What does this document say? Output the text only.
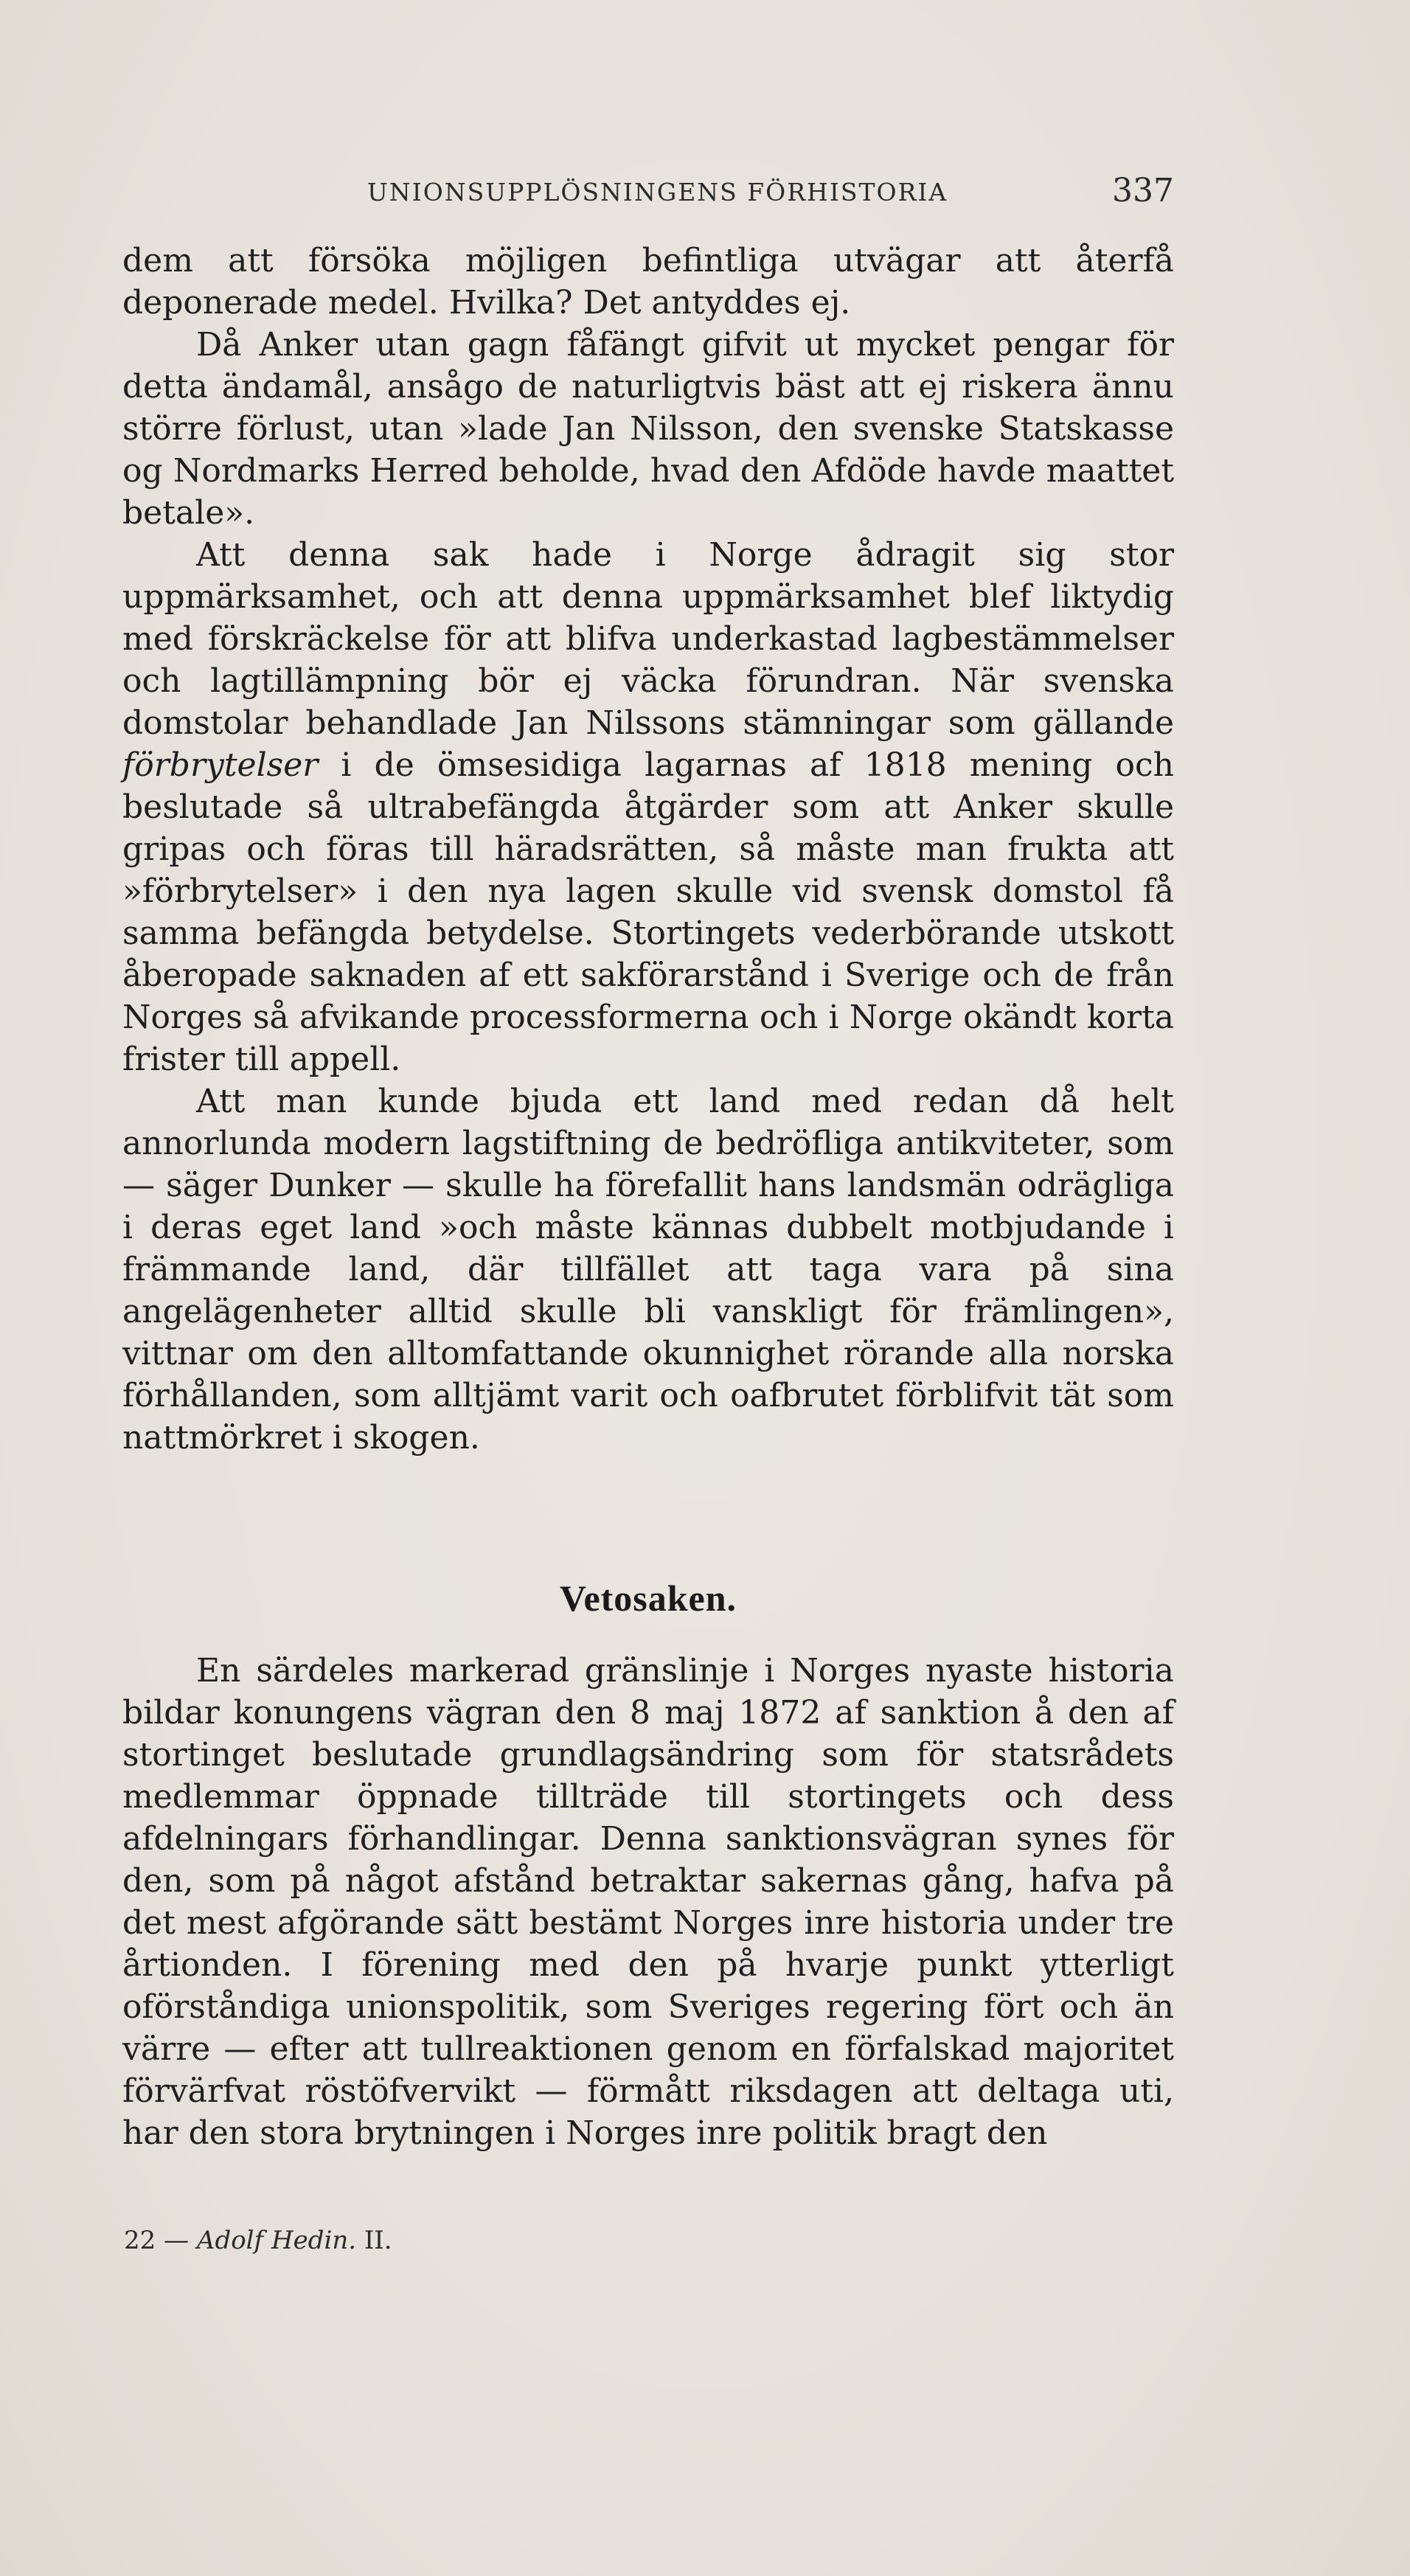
UNIONSUPPLÖSNINGENS FÖRHISTORIA	337

dem att försöka möjligen befintliga utvägar att återfå deponerade medel. Hvilka? Det antyddes ej.

Då Anker utan gagn fåfängt gifvit ut mycket pengar för detta ändamål, ansågo de naturligtvis bäst att ej riskera ännu större förlust, utan »lade Jan Nilsson, den svenske Statskasse og Nordmarks Herred beholde, hvad den Afdöde havde maattet betale».

Att denna sak hade i Norge ådragit sig stor uppmärksamhet, och att denna uppmärksamhet blef liktydig med förskräckelse för att blifva underkastad lagbestämmelser och lagtillämpning bör ej väcka förundran. När svenska domstolar behandlade Jan Nilssons stämningar som gällande förbrytelser i de ömsesidiga lagarnas af 1818 mening och beslutade så ultrabefängda åtgärder som att Anker skulle gripas och föras till häradsrätten, så måste man frukta att »förbrytelser» i den nya lagen skulle vid svensk domstol få samma befängda betydelse. Stortingets vederbörande utskott åberopade saknaden af ett sakförarstånd i Sverige och de från Norges så afvikande processformerna och i Norge okändt korta frister till appell.

Att man kunde bjuda ett land med redan då helt annorlunda modern lagstiftning de bedröfliga antikviteter, som — säger Dunker — skulle ha förefallit hans landsmän odrägliga i deras eget land »och måste kännas dubbelt motbjudande i främmande land, där tillfället att taga vara på sina angelägenheter alltid skulle bli vanskligt för främlingen», vittnar om den alltomfattande okunnighet rörande alla norska förhållanden, som alltjämt varit och oafbrutet förblifvit tät som nattmörkret i skogen.

Vetosaken.

En särdeles markerad gränslinje i Norges nyaste historia bildar konungens vägran den 8 maj 1872 af sanktion å den af stortinget beslutade grundlagsändring som för statsrådets medlemmar öppnade tillträde till stortingets och dess afdelningars förhandlingar. Denna sanktionsvägran synes för den, som på något afstånd betraktar sakernas gång, hafva på det mest afgörande sätt bestämt Norges inre historia under tre årtionden. I förening med den på hvarje punkt ytterligt oförståndiga unionspolitik, som Sveriges regering fört och än värre — efter att tullreaktionen genom en förfalskad majoritet förvärfvat röstöfvervikt — förmått riksdagen att deltaga uti, har den stora brytningen i Norges inre politik bragt den

22 — Adolf Hedin. II.
